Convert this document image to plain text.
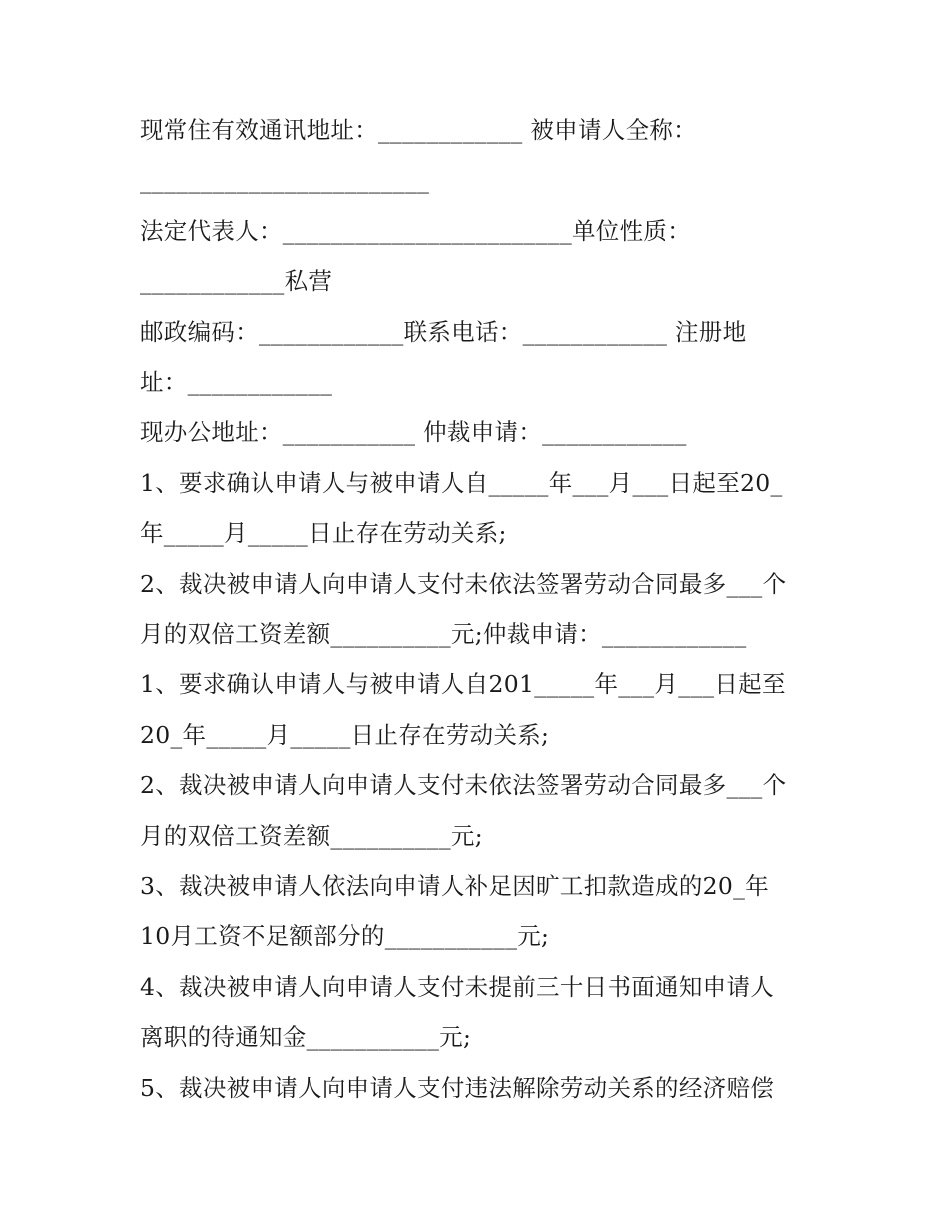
现常住有效通讯地址：____________ 被申请人全称：
________________________
法定代表人：________________________单位性质：
____________私营
邮政编码：____________联系电话：____________ 注册地
址：____________
现办公地址：___________ 仲裁申请：____________
1、要求确认申请人与被申请人自_____年___月___日起至20_
年_____月_____日止存在劳动关系;
2、裁决被申请人向申请人支付未依法签署劳动合同最多___个
月的双倍工资差额__________元;仲裁申请：____________
1、要求确认申请人与被申请人自201_____年___月___日起至
20_年_____月_____日止存在劳动关系;
2、裁决被申请人向申请人支付未依法签署劳动合同最多___个
月的双倍工资差额__________元;
3、裁决被申请人依法向申请人补足因旷工扣款造成的20_年
10月工资不足额部分的___________元;
4、裁决被申请人向申请人支付未提前三十日书面通知申请人
离职的待通知金___________元;
5、裁决被申请人向申请人支付违法解除劳动关系的经济赔偿
